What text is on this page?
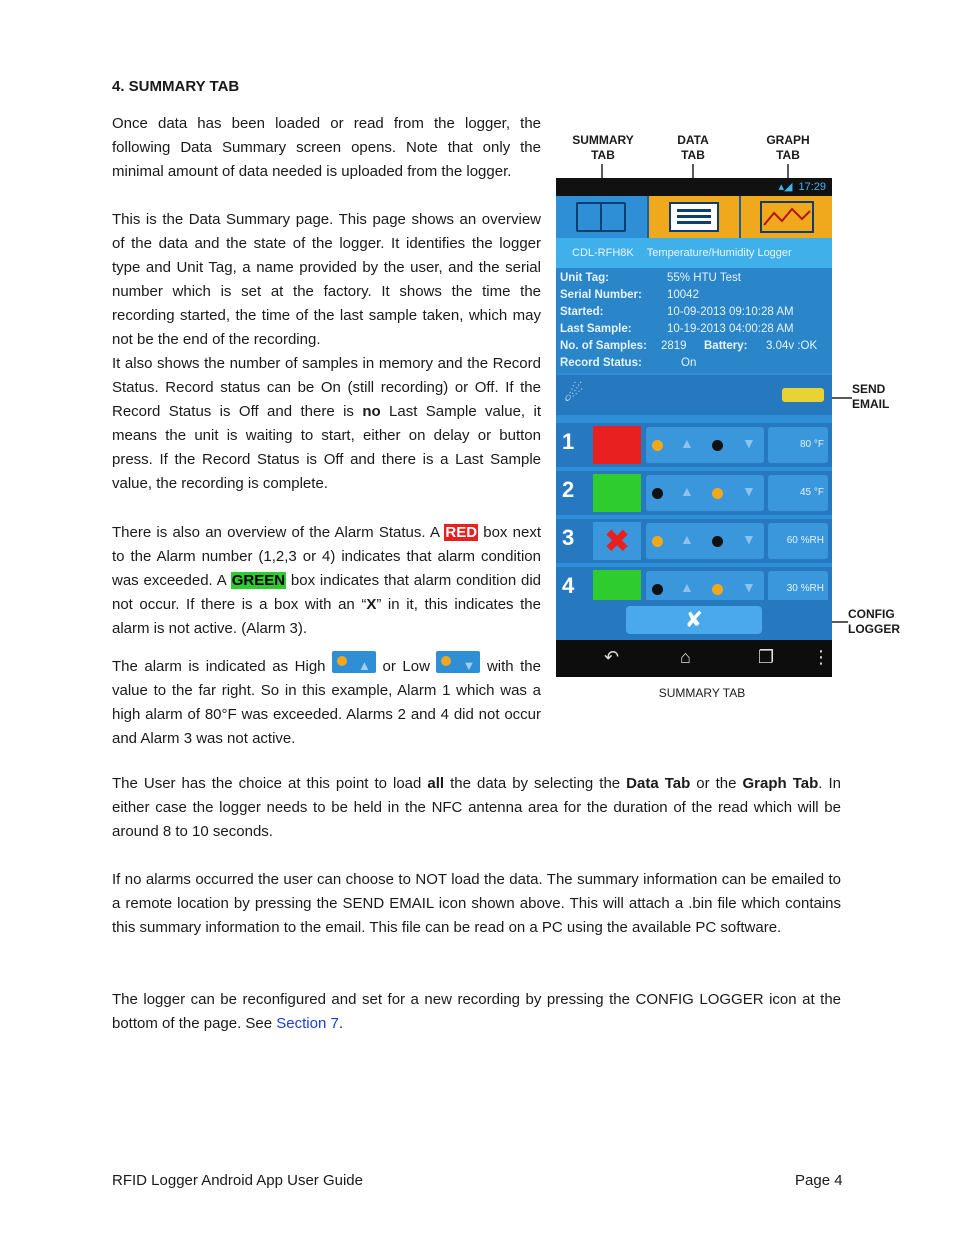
4. SUMMARY TAB

Once data has been loaded or read from the logger, the following Data Summary screen opens. Note that only the minimal amount of data needed is uploaded from the logger.

This is the Data Summary page. This page shows an overview of the data and the state of the logger. It identifies the logger type and Unit Tag, a name provided by the user, and the serial number which is set at the factory. It shows the time the recording started, the time of the last sample taken, which may not be the end of the recording.

It also shows the number of samples in memory and the Record Status. Record status can be On (still recording) or Off. If the Record Status is Off and there is no Last Sample value, it means the unit is waiting to start, either on delay or button press. If the Record Status is Off and there is a Last Sample value, the recording is complete.

There is also an overview of the Alarm Status. A RED box next to the Alarm number (1,2,3 or 4) indicates that alarm condition was exceeded. A GREEN box indicates that alarm condition did not occur. If there is a box with an “X” in it, this indicates the alarm is not active. (Alarm 3).

The alarm is indicated as High ▲ or Low ▼ with the value to the far right. So in this example, Alarm 1 which was a high alarm of 80°F was exceeded. Alarms 2 and 4 did not occur and Alarm 3 was not active.

SUMMARY TAB
DATA TAB
GRAPH TAB
SEND EMAIL
CONFIG LOGGER
▴◢ 17:29
CDL-RFH8K Temperature/Humidity Logger
Unit Tag:	55% HTU Test
Serial Number: 10042
Started:	10-09-2013 09:10:28 AM
Last Sample:	10-19-2013 04:00:28 AM
No. of Samples: 2819 Battery: 3.04v :OK
Record Status:	On
☄
1	▲	▼	80 °F
2	▲	▼	45 °F
3 ✖	▲	▼	60 %RH
4	▲	▼	30 %RH
✘
↶	⌂	❐ ⋮
SUMMARY TAB

The User has the choice at this point to load all the data by selecting the Data Tab or the Graph Tab. In either case the logger needs to be held in the NFC antenna area for the duration of the read which will be around 8 to 10 seconds.

If no alarms occurred the user can choose to NOT load the data. The summary information can be emailed to a remote location by pressing the SEND EMAIL icon shown above. This will attach a .bin file which contains this summary information to the email. This file can be read on a PC using the available PC software.

The logger can be reconfigured and set for a new recording by pressing the CONFIG LOGGER icon at the bottom of the page. See Section 7.

RFID Logger Android App User Guide	Page 4
